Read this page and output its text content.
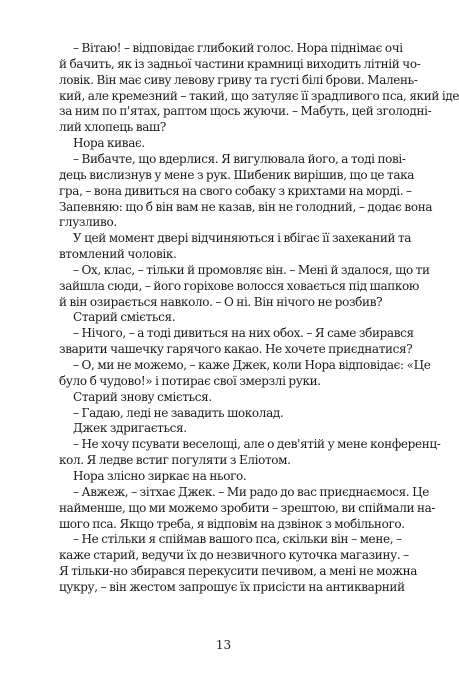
– Вітаю! – відповідає глибокий голос. Нора піднімає очі
й бачить, як із задньої частини крамниці виходить літній чо-
ловік. Він має сиву левову гриву та густі білі брови. Малень-
кий, але кремезний – такий, що затуляє її зрадливого пса, який іде
за ним по п'ятах, раптом щось жуючи. – Мабуть, цей зголодні-
лий хлопець ваш?
Нора киває.
– Вибачте, що вдерлися. Я вигулювала його, а тоді пові-
дець вислизнув у мене з рук. Шибеник вирішив, що це така
гра, – вона дивиться на свого собаку з крихтами на морді. –
Запевняю: що б він вам не казав, він не голодний, – додає вона
глузливо.
У цей момент двері відчиняються і вбігає її захеканий та
втомлений чоловік.
– Ох, клас, – тільки й промовляє він. – Мені й здалося, що ти
зайшла сюди, – його горіхове волосся ховається під шапкою
й він озирається навколо. – О ні. Він нічого не розбив?
Старий сміється.
– Нічого, – а тоді дивиться на них обох. – Я саме збирався
зварити чашечку гарячого какао. Не хочете приєднатися?
– О, ми не можемо, – каже Джек, коли Нора відповідає: «Це
було б чудово!» і потирає свої змерзлі руки.
Старий знову сміється.
– Гадаю, леді не завадить шоколад.
Джек здригається.
– Не хочу псувати веселощі, але о дев'ятій у мене конференц-
кол. Я ледве встиг погуляти з Еліотом.
Нора злісно зиркає на нього.
– Авжеж, – зітхає Джек. – Ми радо до вас приєднаємося. Це
найменше, що ми можемо зробити – зрештою, ви спіймали на-
шого пса. Якщо треба, я відповім на дзвінок з мобільного.
– Не стільки я спіймав вашого пса, скільки він – мене, –
каже старий, ведучи їх до незвичного куточка магазину. –
Я тільки-но збирався перекусити печивом, а мені не можна
цукру, – він жестом запрошує їх присісти на антикварний
13
